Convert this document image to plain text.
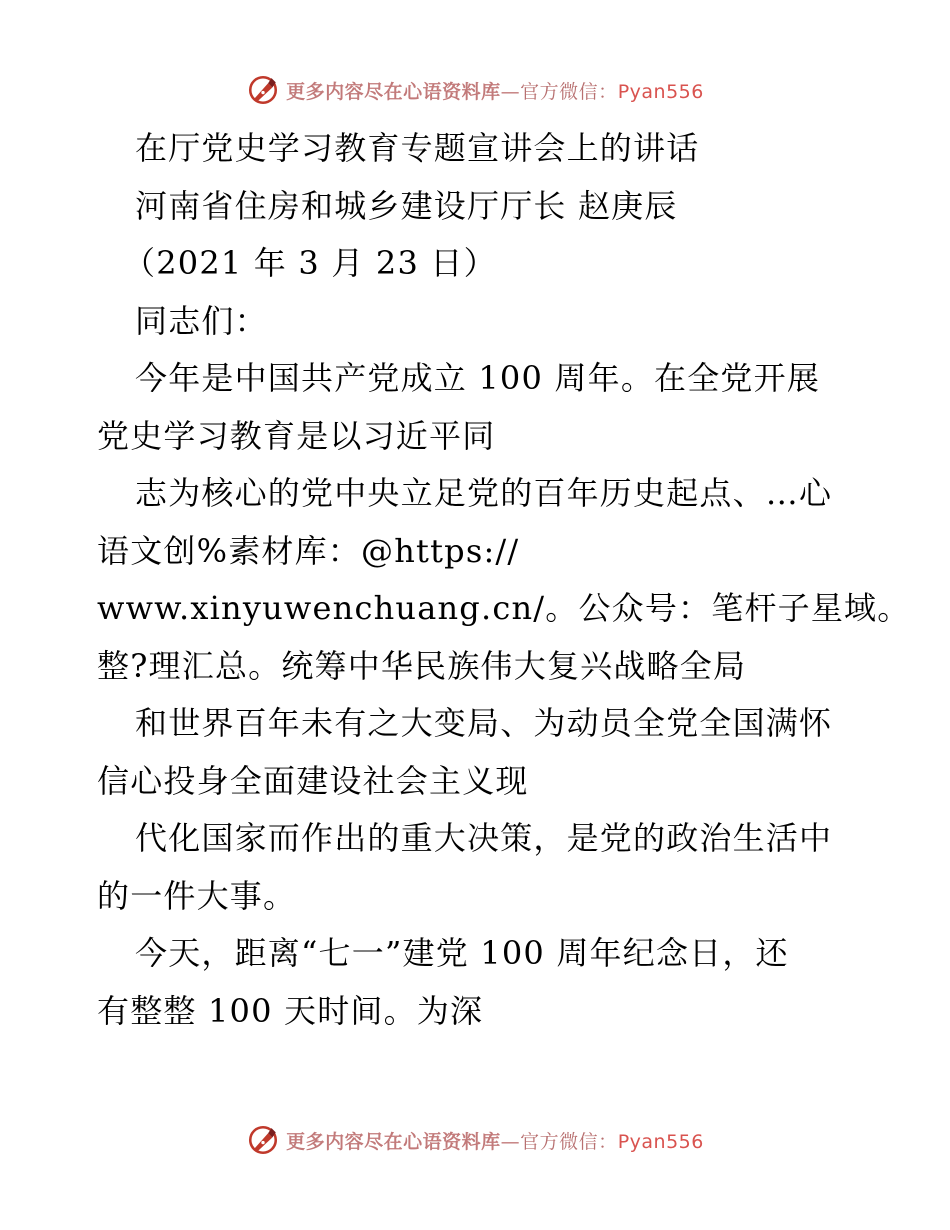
更多内容尽在心语资料库—官方微信：Pyan556
在厅党史学习教育专题宣讲会上的讲话
河南省住房和城乡建设厅厅长 赵庚辰
（2021 年 3 月 23 日）
同志们：
今年是中国共产党成立 100 周年。在全党开展
党史学习教育是以习近平同
志为核心的党中央立足党的百年历史起点、…心
语文创%素材库：@https://
www.xinyuwenchuang.cn/。公众号：笔杆子星域。
整?理汇总。统筹中华民族伟大复兴战略全局
和世界百年未有之大变局、为动员全党全国满怀
信心投身全面建设社会主义现
代化国家而作出的重大决策，是党的政治生活中
的一件大事。
今天，距离“七一”建党 100 周年纪念日，还
有整整 100 天时间。为深
更多内容尽在心语资料库—官方微信：Pyan556
